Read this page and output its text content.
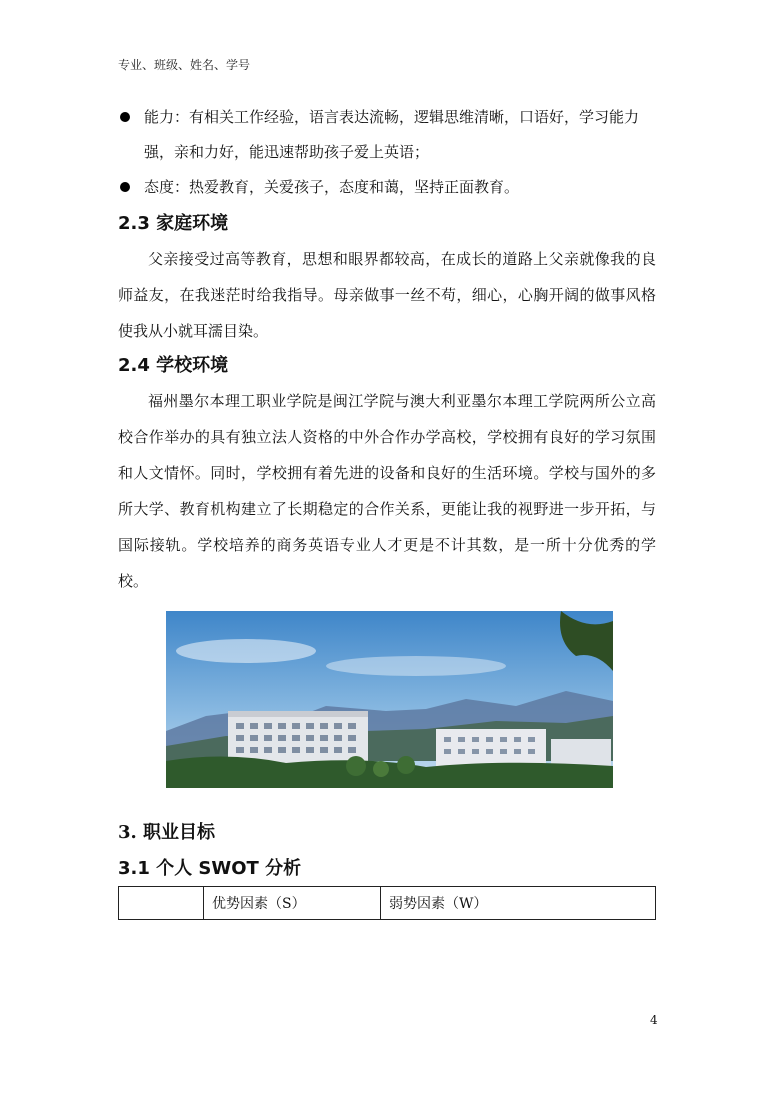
专业、班级、姓名、学号
能力：有相关工作经验，语言表达流畅，逻辑思维清晰，口语好，学习能力强，亲和力好，能迅速帮助孩子爱上英语；
态度：热爱教育，关爱孩子，态度和蔼，坚持正面教育。
2.3 家庭环境

父亲接受过高等教育，思想和眼界都较高，在成长的道路上父亲就像我的良师益友，在我迷茫时给我指导。母亲做事一丝不苟，细心，心胸开阔的做事风格使我从小就耳濡目染。

2.4 学校环境

福州墨尔本理工职业学院是闽江学院与澳大利亚墨尔本理工学院两所公立高校合作举办的具有独立法人资格的中外合作办学高校，学校拥有良好的学习氛围和人文情怀。同时，学校拥有着先进的设备和良好的生活环境。学校与国外的多所大学、教育机构建立了长期稳定的合作关系，更能让我的视野进一步开拓，与国际接轨。学校培养的商务英语专业人才更是不计其数，是一所十分优秀的学校。

3. 职业目标
3.1 个人 SWOT 分析
	优势因素（S）	弱势因素（W）
4
